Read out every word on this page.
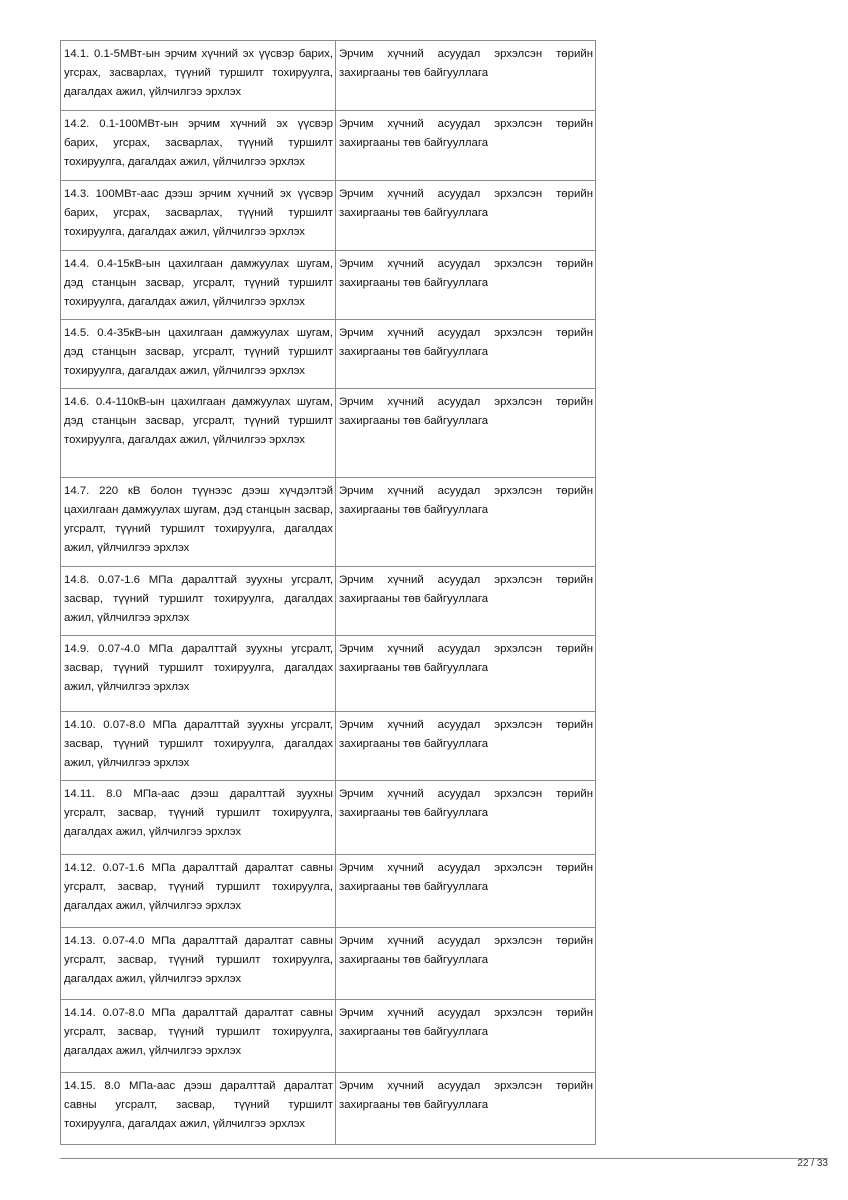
14.1. 0.1-5МВт-ын эрчим хүчний эх үүсвэр барих, угсрах, засварлах, түүний туршилт тохируулга, дагалдах ажил, үйлчилгээ эрхлэх	Эрчим хүчний асуудал эрхэлсэн төрийн захиргааны төв байгууллага
14.2. 0.1-100МВт-ын эрчим хүчний эх үүсвэр барих, угсрах, засварлах, түүний туршилт тохируулга, дагалдах ажил, үйлчилгээ эрхлэх	Эрчим хүчний асуудал эрхэлсэн төрийн захиргааны төв байгууллага
14.3. 100МВт-аас дээш эрчим хүчний эх үүсвэр барих, угсрах, засварлах, түүний туршилт тохируулга, дагалдах ажил, үйлчилгээ эрхлэх	Эрчим хүчний асуудал эрхэлсэн төрийн захиргааны төв байгууллага
14.4. 0.4-15кВ-ын цахилгаан дамжуулах шугам, дэд станцын засвар, угсралт, түүний туршилт тохируулга, дагалдах ажил, үйлчилгээ эрхлэх	Эрчим хүчний асуудал эрхэлсэн төрийн захиргааны төв байгууллага
14.5. 0.4-35кВ-ын цахилгаан дамжуулах шугам, дэд станцын засвар, угсралт, түүний туршилт тохируулга, дагалдах ажил, үйлчилгээ эрхлэх	Эрчим хүчний асуудал эрхэлсэн төрийн захиргааны төв байгууллага
14.6. 0.4-110кВ-ын цахилгаан дамжуулах шугам, дэд станцын засвар, угсралт, түүний туршилт тохируулга, дагалдах ажил, үйлчилгээ эрхлэх	Эрчим хүчний асуудал эрхэлсэн төрийн захиргааны төв байгууллага
14.7. 220 кВ болон түүнээс дээш хүчдэлтэй цахилгаан дамжуулах шугам, дэд станцын засвар, угсралт, түүний туршилт тохируулга, дагалдах ажил, үйлчилгээ эрхлэх	Эрчим хүчний асуудал эрхэлсэн төрийн захиргааны төв байгууллага
14.8. 0.07-1.6 МПа даралттай зуухны угсралт, засвар, түүний туршилт тохируулга, дагалдах ажил, үйлчилгээ эрхлэх	Эрчим хүчний асуудал эрхэлсэн төрийн захиргааны төв байгууллага
14.9. 0.07-4.0 МПа даралттай зуухны угсралт, засвар, түүний туршилт тохируулга, дагалдах ажил, үйлчилгээ эрхлэх	Эрчим хүчний асуудал эрхэлсэн төрийн захиргааны төв байгууллага
14.10. 0.07-8.0 МПа даралттай зуухны угсралт, засвар, түүний туршилт тохируулга, дагалдах ажил, үйлчилгээ эрхлэх	Эрчим хүчний асуудал эрхэлсэн төрийн захиргааны төв байгууллага
14.11. 8.0 МПа-аас дээш даралттай зуухны угсралт, засвар, түүний туршилт тохируулга, дагалдах ажил, үйлчилгээ эрхлэх	Эрчим хүчний асуудал эрхэлсэн төрийн захиргааны төв байгууллага
14.12. 0.07-1.6 МПа даралттай даралтат савны угсралт, засвар, түүний туршилт тохируулга, дагалдах ажил, үйлчилгээ эрхлэх	Эрчим хүчний асуудал эрхэлсэн төрийн захиргааны төв байгууллага
14.13. 0.07-4.0 МПа даралттай даралтат савны угсралт, засвар, түүний туршилт тохируулга, дагалдах ажил, үйлчилгээ эрхлэх	Эрчим хүчний асуудал эрхэлсэн төрийн захиргааны төв байгууллага
14.14. 0.07-8.0 МПа даралттай даралтат савны угсралт, засвар, түүний туршилт тохируулга, дагалдах ажил, үйлчилгээ эрхлэх	Эрчим хүчний асуудал эрхэлсэн төрийн захиргааны төв байгууллага
14.15. 8.0 МПа-аас дээш даралттай даралтат савны угсралт, засвар, түүний туршилт тохируулга, дагалдах ажил, үйлчилгээ эрхлэх	Эрчим хүчний асуудал эрхэлсэн төрийн захиргааны төв байгууллага
22 / 33
